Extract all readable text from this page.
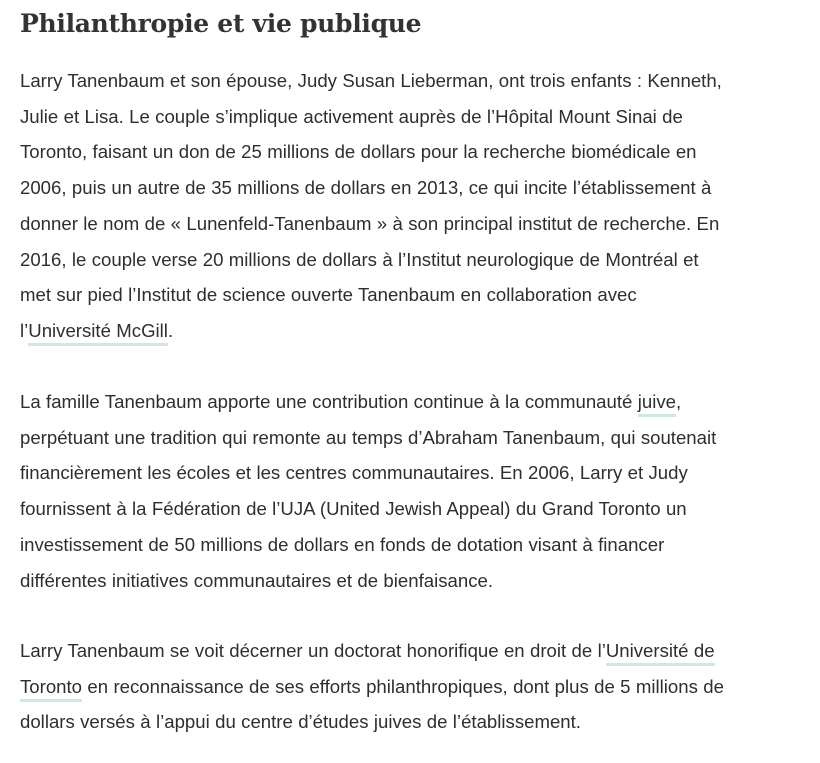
Philanthropie et vie publique

Larry Tanenbaum et son épouse, Judy Susan Lieberman, ont trois enfants : Kenneth,
Julie et Lisa. Le couple s’implique activement auprès de l’Hôpital Mount Sinai de
Toronto, faisant un don de 25 millions de dollars pour la recherche biomédicale en
2006, puis un autre de 35 millions de dollars en 2013, ce qui incite l’établissement à
donner le nom de « Lunenfeld-Tanenbaum » à son principal institut de recherche. En
2016, le couple verse 20 millions de dollars à l’Institut neurologique de Montréal et
met sur pied l’Institut de science ouverte Tanenbaum en collaboration avec
l’Université McGill.

La famille Tanenbaum apporte une contribution continue à la communauté juive,
perpétuant une tradition qui remonte au temps d’Abraham Tanenbaum, qui soutenait
financièrement les écoles et les centres communautaires. En 2006, Larry et Judy
fournissent à la Fédération de l’UJA (United Jewish Appeal) du Grand Toronto un
investissement de 50 millions de dollars en fonds de dotation visant à financer
différentes initiatives communautaires et de bienfaisance.

Larry Tanenbaum se voit décerner un doctorat honorifique en droit de l’Université de
Toronto en reconnaissance de ses efforts philanthropiques, dont plus de 5 millions de
dollars versés à l’appui du centre d’études juives de l’établissement.
